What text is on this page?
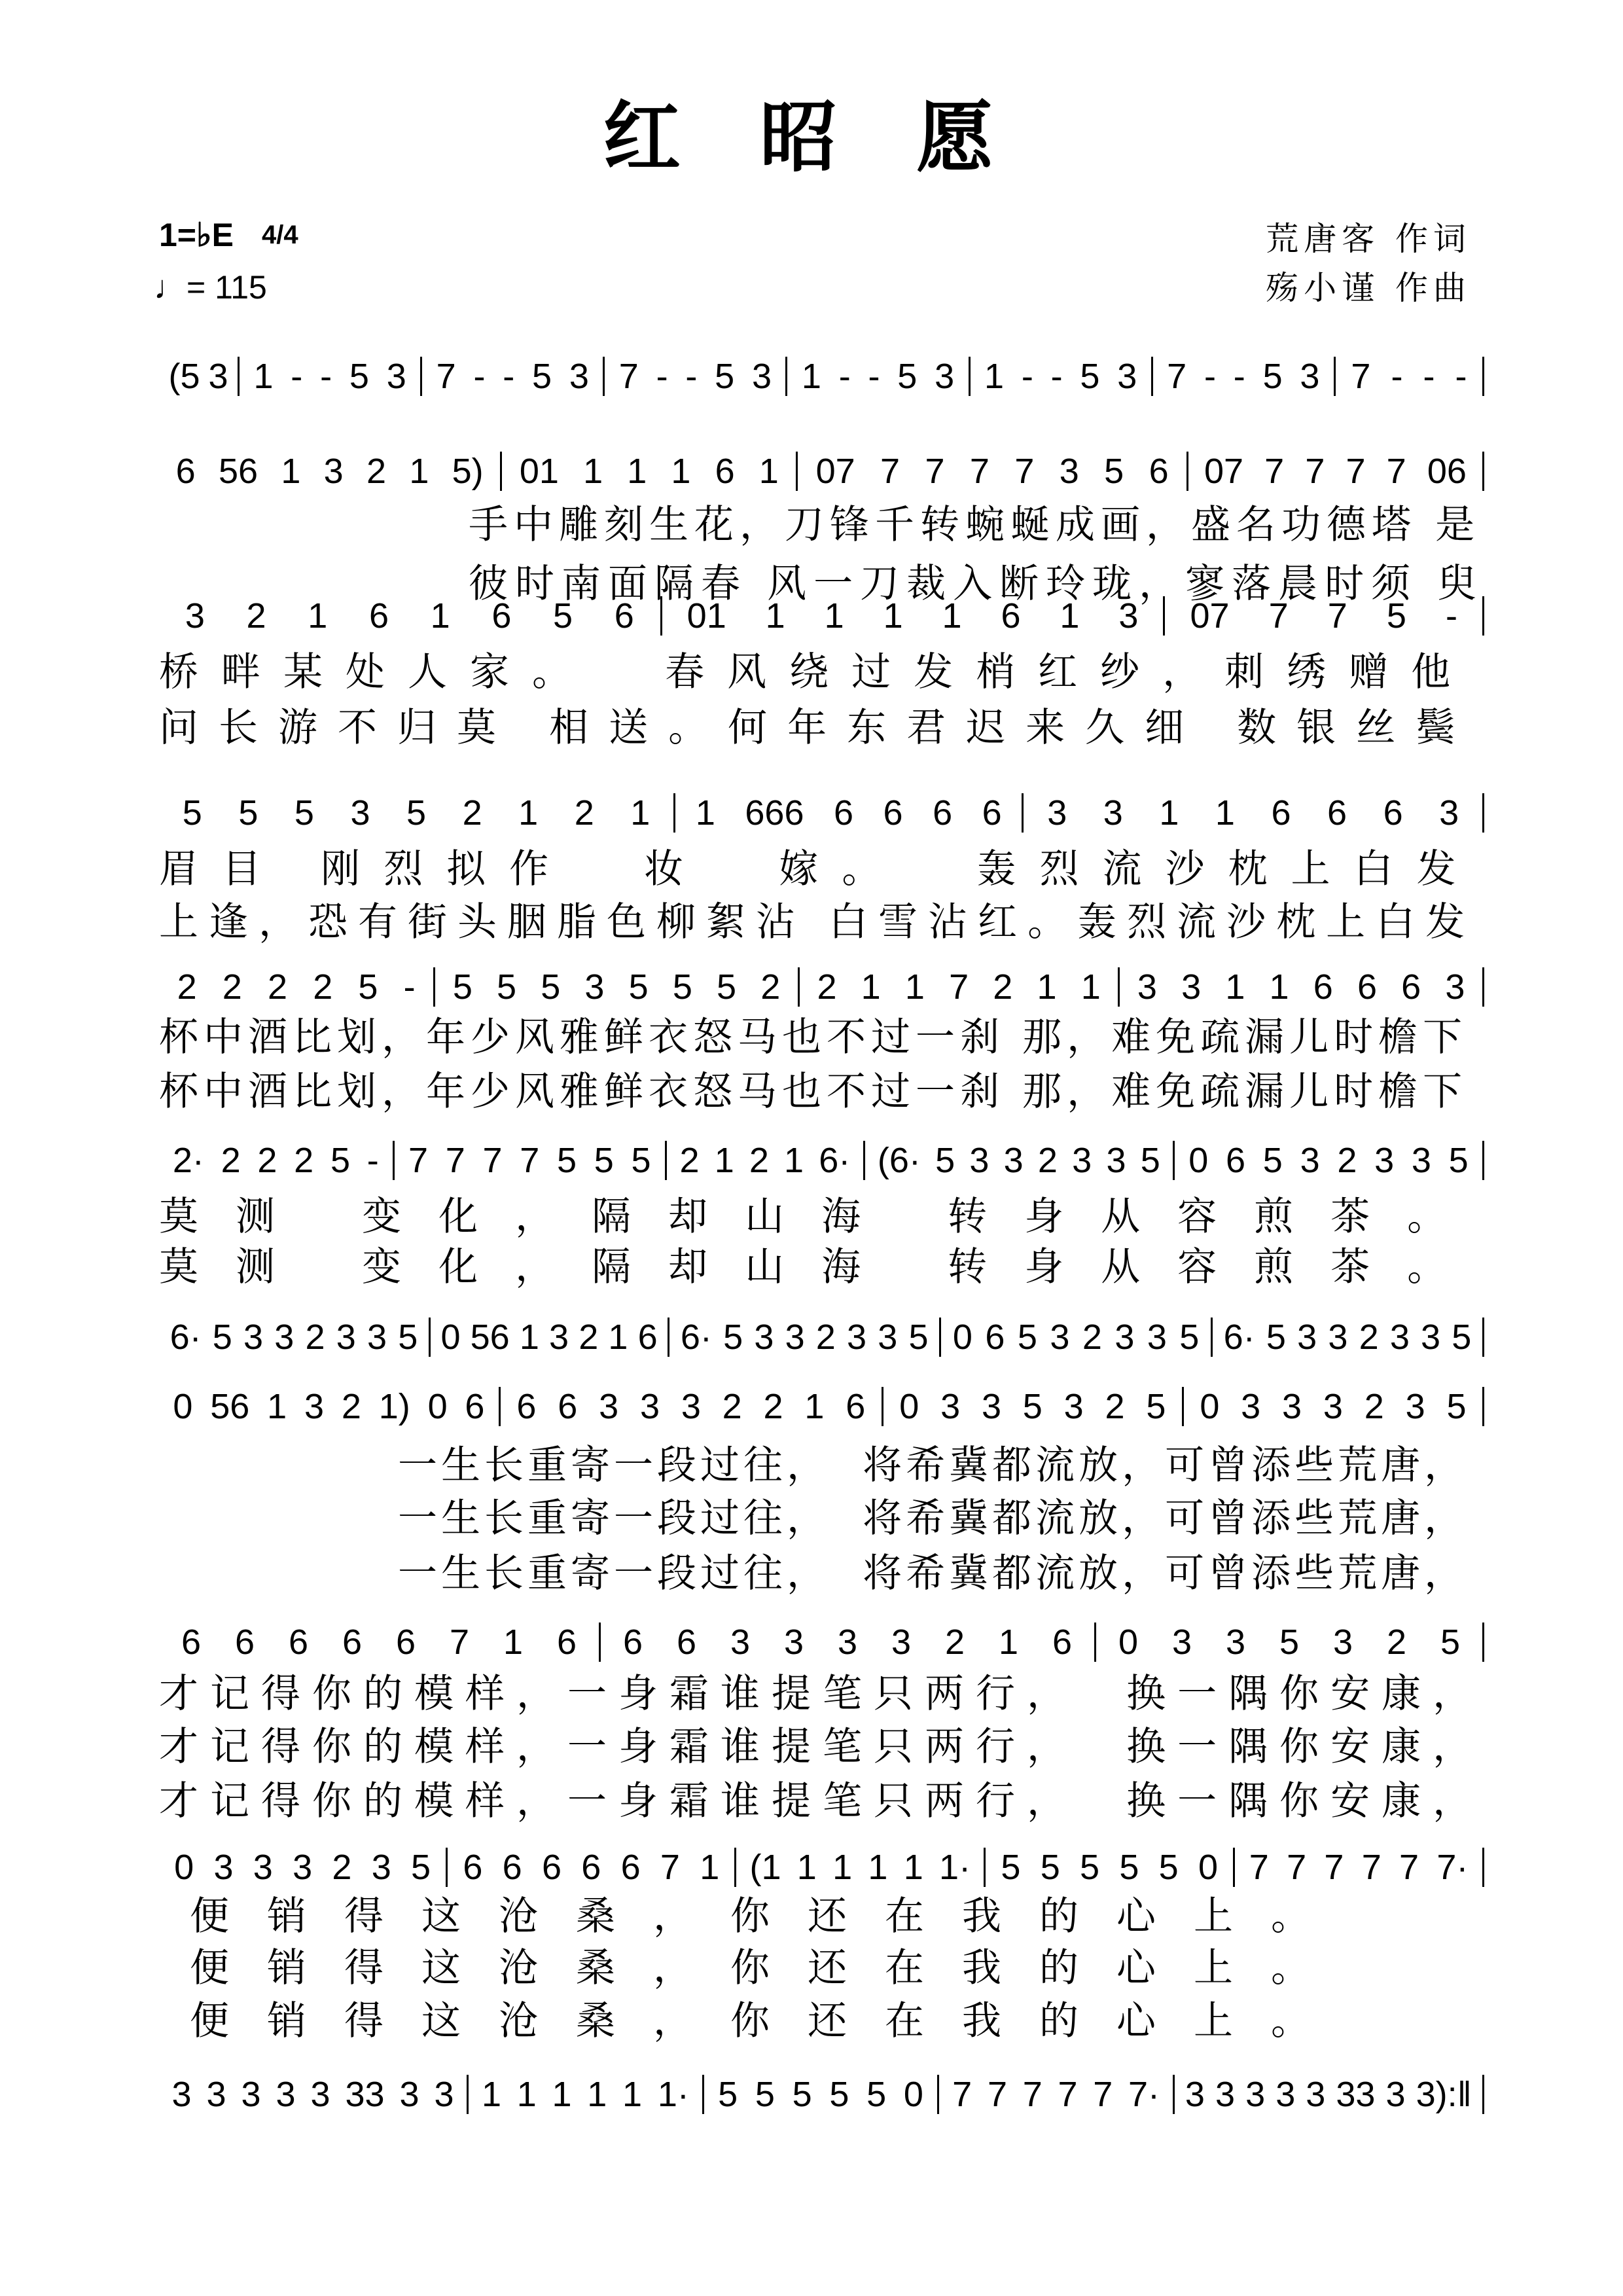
红 昭 愿
1=♭E 4/4
♩= 115
荒唐客 作词
殇小谨 作曲
(5 3 1 - - 5 3 7 - - 5 3 7 - - 5 3 1 - - 5 3 1 - - 5 3 7 - - 5 3 7 - - -
6 56 1 3 2 1 5) 01 1 1 1 6 1 07 7 7 7 7 3 5 6 07 7 7 7 7 06
手中雕刻生花，刀锋千转蜿蜒成画，盛名功德塔 是
彼时南面隔春 风一刀裁入断玲珑，寥落晨时须 臾
3 2 1 6 1 6 5 6 01 1 1 1 1 6 1 3 07 7 7 5 -
桥畔某处人家。  春风绕过发梢红纱，刺绣赠他
问长游不归莫 相送。何年东君迟来久细 数银丝鬓
5 5 5 3 5 2 1 2 1 1 666 6 6 6 6 3 3 1 1 6 6 6 3
眉目 刚烈拟作  妆  嫁。  轰烈流沙枕上白发
上逢，恐有街头胭脂色柳絮沾 白雪沾红。轰烈流沙枕上白发
2 2 2 2 5 - 5 5 5 3 5 5 5 2 2 1 1 7 2 1 1 3 3 1 1 6 6 6 3
杯中酒比划，年少风雅鲜衣怒马也不过一刹 那，难免疏漏儿时檐下
杯中酒比划，年少风雅鲜衣怒马也不过一刹 那，难免疏漏儿时檐下
2· 2 2 2 5 - 7 7 7 7 5 5 5 2 1 2 1 6· (6· 5 3 3 2 3 3 5 0 6 5 3 2 3 3 5
莫测 变化，隔却山海 转身从容煎茶。
莫测 变化，隔却山海 转身从容煎茶。
6· 5 3 3 2 3 3 5 0 56 1 3 2 1 6 6· 5 3 3 2 3 3 5 0 6 5 3 2 3 3 5 6· 5 3 3 2 3 3 5
0 56 1 3 2 1) 0 6 6 6 3 3 3 2 2 1 6 0 3 3 5 3 2 5 0 3 3 3 2 3 5
一生长重寄一段过往，  将希冀都流放，可曾添些荒唐，
一生长重寄一段过往，  将希冀都流放，可曾添些荒唐，
一生长重寄一段过往，  将希冀都流放，可曾添些荒唐，
6 6 6 6 6 7 1 6 6 6 3 3 3 3 2 1 6 0 3 3 5 3 2 5
才记得你的模样，一身霜谁提笔只两行，  换一隅你安康，
才记得你的模样，一身霜谁提笔只两行，  换一隅你安康，
才记得你的模样，一身霜谁提笔只两行，  换一隅你安康，
0 3 3 3 2 3 5 6 6 6 6 6 7 1 (1 1 1 1 1 1· 5 5 5 5 5 0 7 7 7 7 7 7·
便销得这沧桑，你还在我的心上。
便销得这沧桑，你还在我的心上。
便销得这沧桑，你还在我的心上。
3 3 3 3 3 33 3 3 1 1 1 1 1 1· 5 5 5 5 5 0 7 7 7 7 7 7· 3 3 3 3 3 33 3 3):‖
